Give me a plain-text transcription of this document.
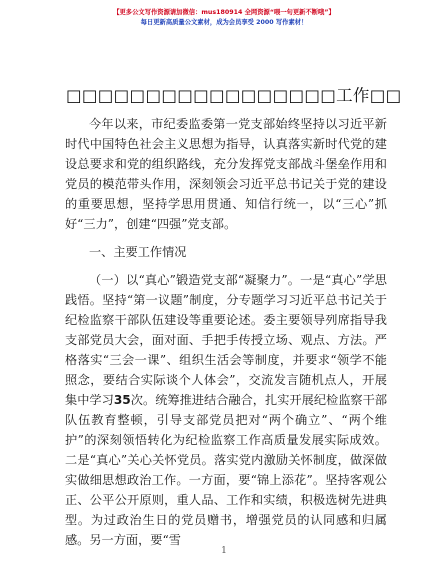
【更多公文写作资源请加微信：mus180914 全网资源“喂一句更新不断哦”】
每日更新高质量公文素材，成为会员享受 2000 写作素材！
□□□□□□□□□□□□□□□□□工作□□

今年以来，市纪委监委第一党支部始终坚持以习近平新时代中国特色社会主义思想为指导，认真落实新时代党的建设总要求和党的组织路线，充分发挥党支部战斗堡垒作用和党员的模范带头作用，深刻领会习近平总书记关于党的建设的重要思想，坚持学思用贯通、知信行统一，以“三心”抓好“三力”，创建“四强”党支部。

一、主要工作情况

（一）以“真心”锻造党支部“凝聚力”。一是“真心”学思践悟。坚持“第一议题”制度，分专题学习习近平总书记关于纪检监察干部队伍建设等重要论述。委主要领导列席指导我支部党员大会，面对面、手把手传授立场、观点、方法。严格落实“三会一课”、组织生活会等制度，并要求“领学不能照念，要结合实际谈个人体会”，交流发言随机点人，开展集中学习35次。统筹推进结合融合，扎实开展纪检监察干部队伍教育整顿，引导支部党员把对“两个确立”、“两个维护”的深刻领悟转化为纪检监察工作高质量发展实际成效。二是“真心”关心关怀党员。落实党内激励关怀制度，做深做实做细思想政治工作。一方面，要“锦上添花”。坚持客观公正、公平公开原则，重人品、工作和实绩，积极选树先进典型。为过政治生日的党员赠书，增强党员的认同感和归属感。另一方面，要“雪

1
